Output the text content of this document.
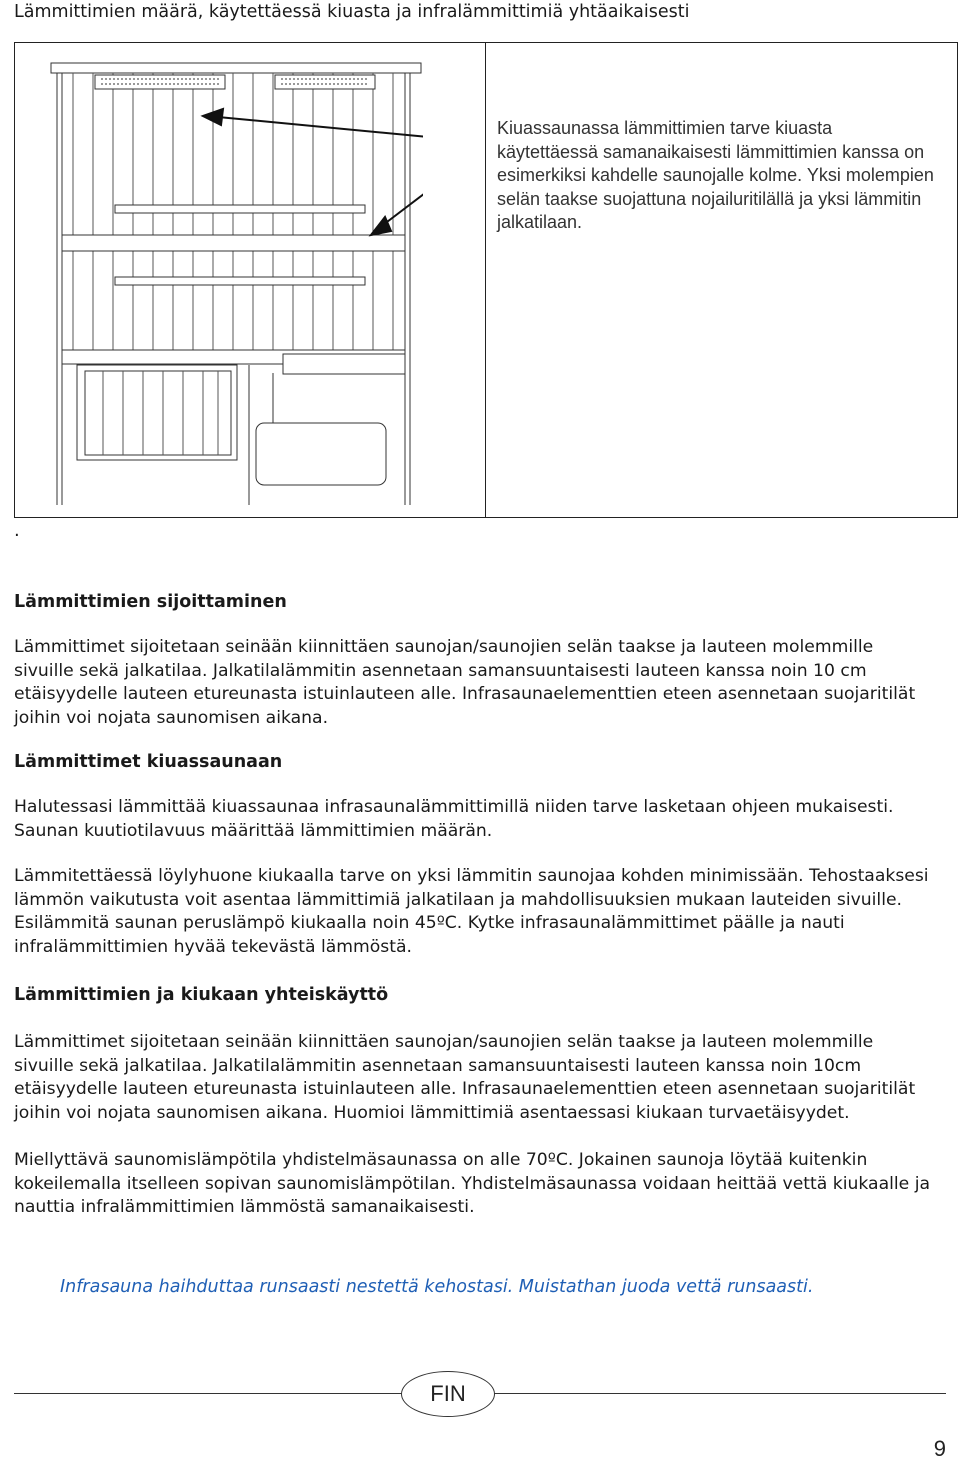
Lämmittimien määrä, käytettäessä kiuasta ja infralämmittimiä yhtäaikaisesti
Kiuassaunassa lämmittimien tarve kiuasta käytettäessä samanaikaisesti lämmittimien kanssa on esimerkiksi kahdelle saunojalle kolme. Yksi molempien selän taakse suojattuna nojailuritilällä ja yksi lämmitin jalkatilaan.
.
Lämmittimien sijoittaminen

Lämmittimet sijoitetaan seinään kiinnittäen saunojan/saunojien selän taakse ja lauteen molemmille sivuille sekä jalkatilaa. Jalkatilalämmitin asennetaan samansuuntaisesti lauteen kanssa noin 10 cm etäisyydelle lauteen etureunasta istuinlauteen alle. Infrasaunaelementtien eteen asennetaan suojaritilät joihin voi nojata saunomisen aikana.

Lämmittimet kiuassaunaan

Halutessasi lämmittää kiuassaunaa infrasaunalämmittimillä niiden tarve lasketaan ohjeen mukaisesti. Saunan kuutiotilavuus määrittää lämmittimien määrän.

Lämmitettäessä löylyhuone kiukaalla tarve on yksi lämmitin saunojaa kohden minimissään. Tehostaaksesi lämmön vaikutusta voit asentaa lämmittimiä jalkatilaan ja mahdollisuuksien mukaan lauteiden sivuille. Esilämmitä saunan peruslämpö kiukaalla noin 45ºC. Kytke infrasaunalämmittimet päälle ja nauti infralämmittimien hyvää tekevästä lämmöstä.

Lämmittimien ja kiukaan yhteiskäyttö

Lämmittimet sijoitetaan seinään kiinnittäen saunojan/saunojien selän taakse ja lauteen molemmille sivuille sekä jalkatilaa. Jalkatilalämmitin asennetaan samansuuntaisesti lauteen kanssa noin 10cm etäisyydelle lauteen etureunasta istuinlauteen alle. Infrasaunaelementtien eteen asennetaan suojaritilät joihin voi nojata saunomisen aikana. Huomioi lämmittimiä asentaessasi kiukaan turvaetäisyydet.

Miellyttävä saunomislämpötila yhdistelmäsaunassa on alle 70ºC. Jokainen saunoja löytää kuitenkin kokeilemalla itselleen sopivan saunomislämpötilan. Yhdistelmäsaunassa voidaan heittää vettä kiukaalle ja nauttia infralämmittimien lämmöstä samanaikaisesti.

Infrasauna haihduttaa runsaasti nestettä kehostasi. Muistathan juoda vettä runsaasti.
FIN
9
